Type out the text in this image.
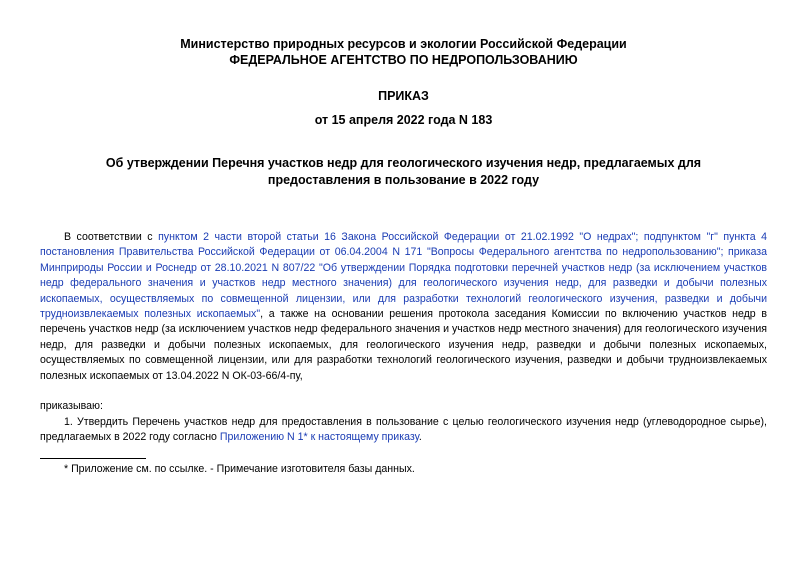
Министерство природных ресурсов и экологии Российской Федерации
ФЕДЕРАЛЬНОЕ АГЕНТСТВО ПО НЕДРОПОЛЬЗОВАНИЮ
ПРИКАЗ
от 15 апреля 2022 года N 183
Об утверждении Перечня участков недр для геологического изучения недр, предлагаемых для
предоставления в пользование в 2022 году
В соответствии с пунктом 2 части второй статьи 16 Закона Российской Федерации от 21.02.1992 "О недрах"; подпунктом "г" пункта 4 постановления Правительства Российской Федерации от 06.04.2004 N 171 "Вопросы Федерального агентства по недропользованию"; приказа Минприроды России и Роснедр от 28.10.2021 N 807/22 "Об утверждении Порядка подготовки перечней участков недр (за исключением участков недр федерального значения и участков недр местного значения) для геологического изучения недр, для разведки и добычи полезных ископаемых, осуществляемых по совмещенной лицензии, или для разработки технологий геологического изучения, разведки и добычи трудноизвлекаемых полезных ископаемых", а также на основании решения протокола заседания Комиссии по включению участков недр в перечень участков недр (за исключением участков недр федерального значения и участков недр местного значения) для геологического изучения недр, для разведки и добычи полезных ископаемых, для геологического изучения недр, разведки и добычи полезных ископаемых, осуществляемых по совмещенной лицензии, или для разработки технологий геологического изучения, разведки и добычи трудноизвлекаемых полезных ископаемых от 13.04.2022 N ОК-03-66/4-пу,
приказываю:
1. Утвердить Перечень участков недр для предоставления в пользование с целью геологического изучения недр (углеводородное сырье), предлагаемых в 2022 году согласно Приложению N 1* к настоящему приказу.
* Приложение см. по ссылке. - Примечание изготовителя базы данных.
